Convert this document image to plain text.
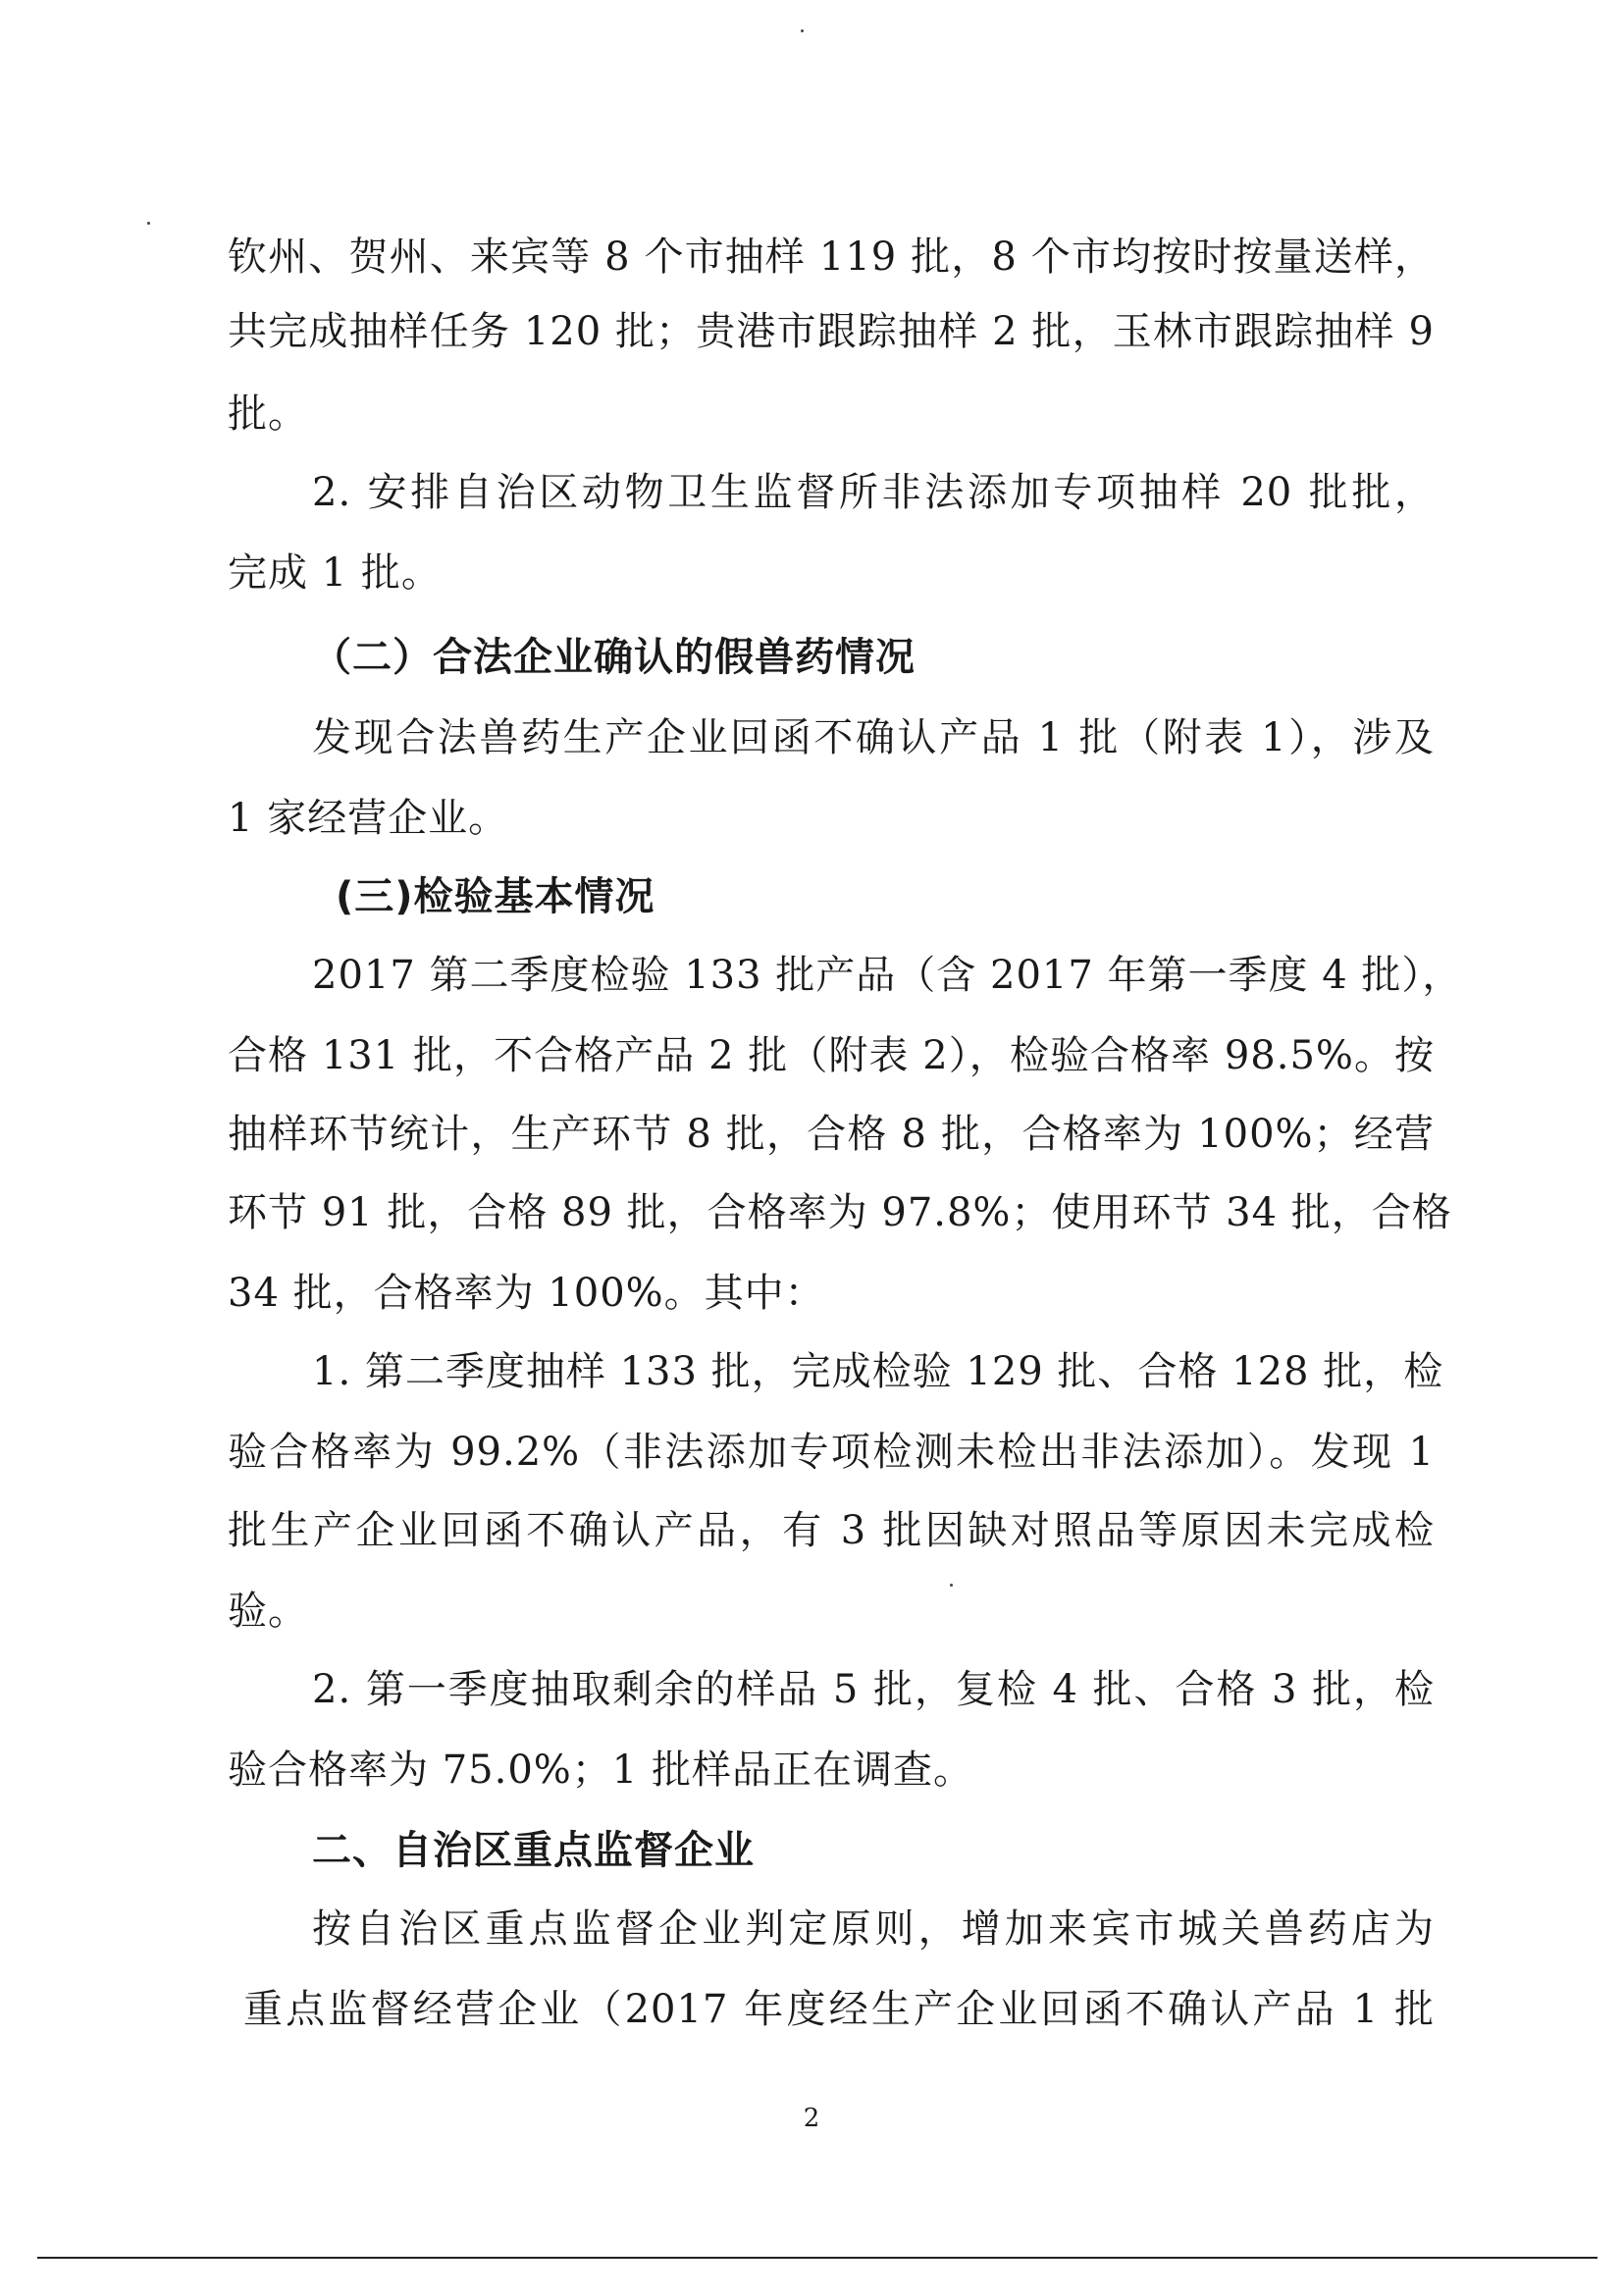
钦州、贺州、来宾等 8 个市抽样 119 批，8 个市均按时按量送样，
共完成抽样任务 120 批；贵港市跟踪抽样 2 批，玉林市跟踪抽样 9
批。
2. 安排自治区动物卫生监督所非法添加专项抽样 20 批批，
完成 1 批。
（二）合法企业确认的假兽药情况
发现合法兽药生产企业回函不确认产品 1 批（附表 1），涉及
1 家经营企业。
(三)检验基本情况
2017 第二季度检验 133 批产品（含 2017 年第一季度 4 批），
合格 131 批，不合格产品 2 批（附表 2），检验合格率 98.5%。按
抽样环节统计，生产环节 8 批，合格 8 批，合格率为 100%；经营
环节 91 批，合格 89 批，合格率为 97.8%；使用环节 34 批，合格
34 批，合格率为 100%。其中：
1. 第二季度抽样 133 批，完成检验 129 批、合格 128 批，检
验合格率为 99.2%（非法添加专项检测未检出非法添加）。发现 1
批生产企业回函不确认产品，有 3 批因缺对照品等原因未完成检
验。
2. 第一季度抽取剩余的样品 5 批，复检 4 批、合格 3 批，检
验合格率为 75.0%；1 批样品正在调查。
二、自治区重点监督企业
按自治区重点监督企业判定原则，增加来宾市城关兽药店为
重点监督经营企业（2017 年度经生产企业回函不确认产品 1 批
2
